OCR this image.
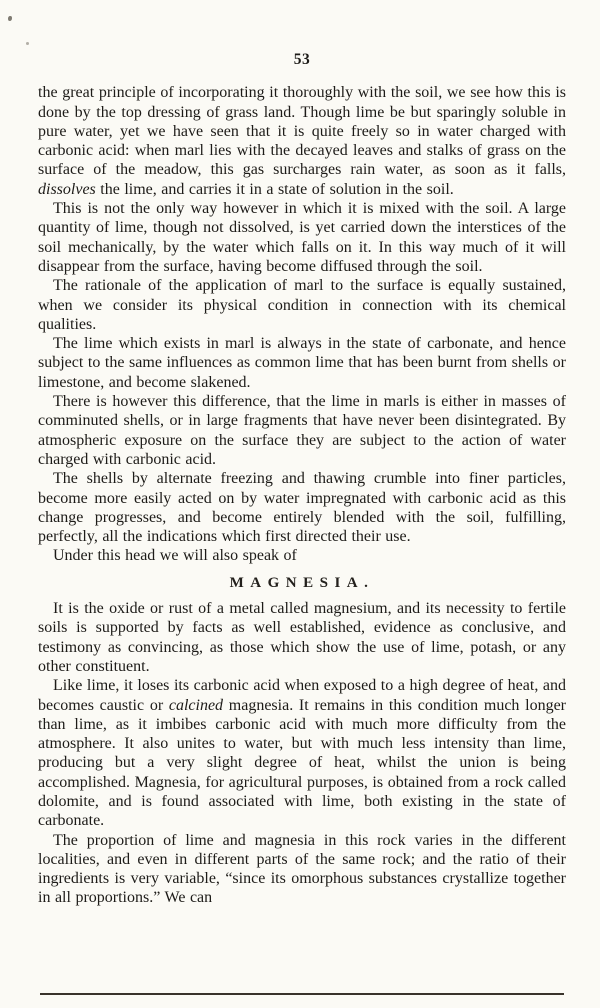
53

the great principle of incorporating it thoroughly with the soil, we see how this is done by the top dressing of grass land. Though lime be but sparingly soluble in pure water, yet we have seen that it is quite freely so in water charged with carbonic acid: when marl lies with the decayed leaves and stalks of grass on the surface of the meadow, this gas surcharges rain water, as soon as it falls, dissolves the lime, and carries it in a state of solution in the soil.

This is not the only way however in which it is mixed with the soil. A large quantity of lime, though not dissolved, is yet carried down the interstices of the soil mechanically, by the water which falls on it. In this way much of it will disappear from the surface, having become diffused through the soil.

The rationale of the application of marl to the surface is equally sustained, when we consider its physical condition in connection with its chemical qualities.

The lime which exists in marl is always in the state of carbonate, and hence subject to the same influences as common lime that has been burnt from shells or limestone, and become slakened.

There is however this difference, that the lime in marls is either in masses of comminuted shells, or in large fragments that have never been disintegrated. By atmospheric exposure on the surface they are subject to the action of water charged with carbonic acid.

The shells by alternate freezing and thawing crumble into finer particles, become more easily acted on by water impregnated with carbonic acid as this change progresses, and become entirely blended with the soil, fulfilling, perfectly, all the indications which first directed their use.

Under this head we will also speak of

MAGNESIA.

It is the oxide or rust of a metal called magnesium, and its necessity to fertile soils is supported by facts as well established, evidence as conclusive, and testimony as convincing, as those which show the use of lime, potash, or any other constituent.

Like lime, it loses its carbonic acid when exposed to a high degree of heat, and becomes caustic or calcined magnesia. It remains in this condition much longer than lime, as it imbibes carbonic acid with much more difficulty from the atmosphere. It also unites to water, but with much less intensity than lime, producing but a very slight degree of heat, whilst the union is being accomplished. Magnesia, for agricultural purposes, is obtained from a rock called dolomite, and is found associated with lime, both existing in the state of carbonate.

The proportion of lime and magnesia in this rock varies in the different localities, and even in different parts of the same rock; and the ratio of their ingredients is very variable, “since its omorphous substances crystallize together in all proportions.” We can
